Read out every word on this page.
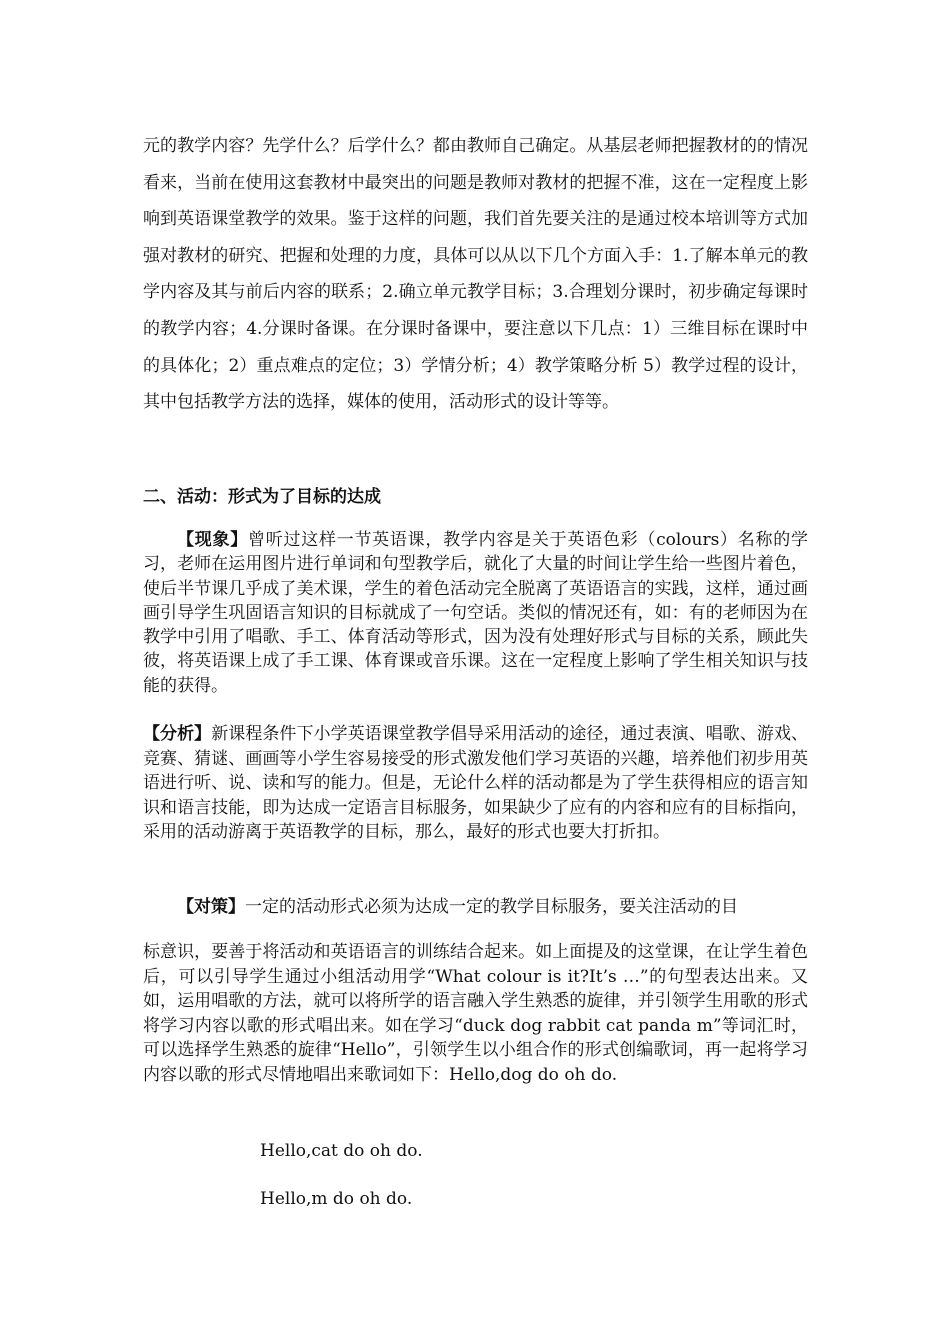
元的教学内容？先学什么？后学什么？都由教师自己确定。从基层老师把握教材的的情况看来，当前在使用这套教材中最突出的问题是教师对教材的把握不准，这在一定程度上影响到英语课堂教学的效果。鉴于这样的问题，我们首先要关注的是通过校本培训等方式加强对教材的研究、把握和处理的力度，具体可以从以下几个方面入手：1.了解本单元的教学内容及其与前后内容的联系；2.确立单元教学目标；3.合理划分课时，初步确定每课时的教学内容；4.分课时备课。在分课时备课中，要注意以下几点：1）三维目标在课时中的具体化；2）重点难点的定位；3）学情分析；4）教学策略分析 5）教学过程的设计，其中包括教学方法的选择，媒体的使用，活动形式的设计等等。

二、活动：形式为了目标的达成

【现象】曾听过这样一节英语课，教学内容是关于英语色彩（colours）名称的学习，老师在运用图片进行单词和句型教学后，就化了大量的时间让学生给一些图片着色，使后半节课几乎成了美术课，学生的着色活动完全脱离了英语语言的实践，这样，通过画画引导学生巩固语言知识的目标就成了一句空话。类似的情况还有，如：有的老师因为在教学中引用了唱歌、手工、体育活动等形式，因为没有处理好形式与目标的关系，顾此失彼，将英语课上成了手工课、体育课或音乐课。这在一定程度上影响了学生相关知识与技能的获得。

【分析】新课程条件下小学英语课堂教学倡导采用活动的途径，通过表演、唱歌、游戏、竞赛、猜谜、画画等小学生容易接受的形式激发他们学习英语的兴趣，培养他们初步用英语进行听、说、读和写的能力。但是，无论什么样的活动都是为了学生获得相应的语言知识和语言技能，即为达成一定语言目标服务，如果缺少了应有的内容和应有的目标指向，采用的活动游离于英语教学的目标，那么，最好的形式也要大打折扣。

【对策】一定的活动形式必须为达成一定的教学目标服务，要关注活动的目

标意识，要善于将活动和英语语言的训练结合起来。如上面提及的这堂课，在让学生着色后，可以引导学生通过小组活动用学“What colour is it?It’s …”的句型表达出来。又如，运用唱歌的方法，就可以将所学的语言融入学生熟悉的旋律，并引领学生用歌的形式将学习内容以歌的形式唱出来。如在学习“duck dog rabbit cat panda m”等词汇时，可以选择学生熟悉的旋律“Hello”，引领学生以小组合作的形式创编歌词，再一起将学习内容以歌的形式尽情地唱出来歌词如下：Hello,dog do oh do.

Hello,cat do oh do.

Hello,m do oh do.
